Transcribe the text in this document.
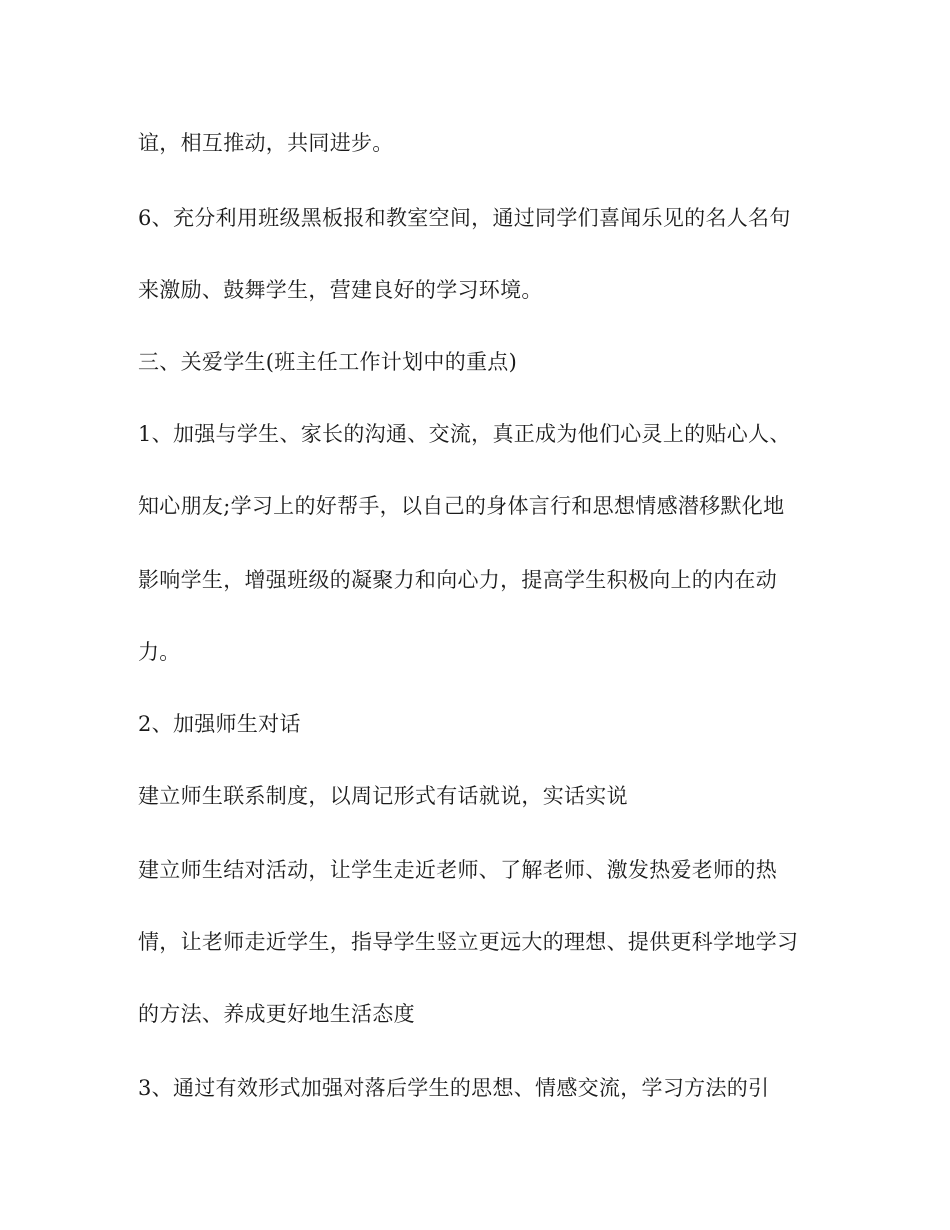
谊，相互推动，共同进步。
6、充分利用班级黑板报和教室空间，通过同学们喜闻乐见的名人名句
来激励、鼓舞学生，营建良好的学习环境。
三、关爱学生(班主任工作计划中的重点)
1、加强与学生、家长的沟通、交流，真正成为他们心灵上的贴心人、
知心朋友;学习上的好帮手，以自己的身体言行和思想情感潜移默化地
影响学生，增强班级的凝聚力和向心力，提高学生积极向上的内在动
力。
2、加强师生对话
建立师生联系制度，以周记形式有话就说，实话实说
建立师生结对活动，让学生走近老师、了解老师、激发热爱老师的热
情，让老师走近学生，指导学生竖立更远大的理想、提供更科学地学习
的方法、养成更好地生活态度
3、通过有效形式加强对落后学生的思想、情感交流，学习方法的引
